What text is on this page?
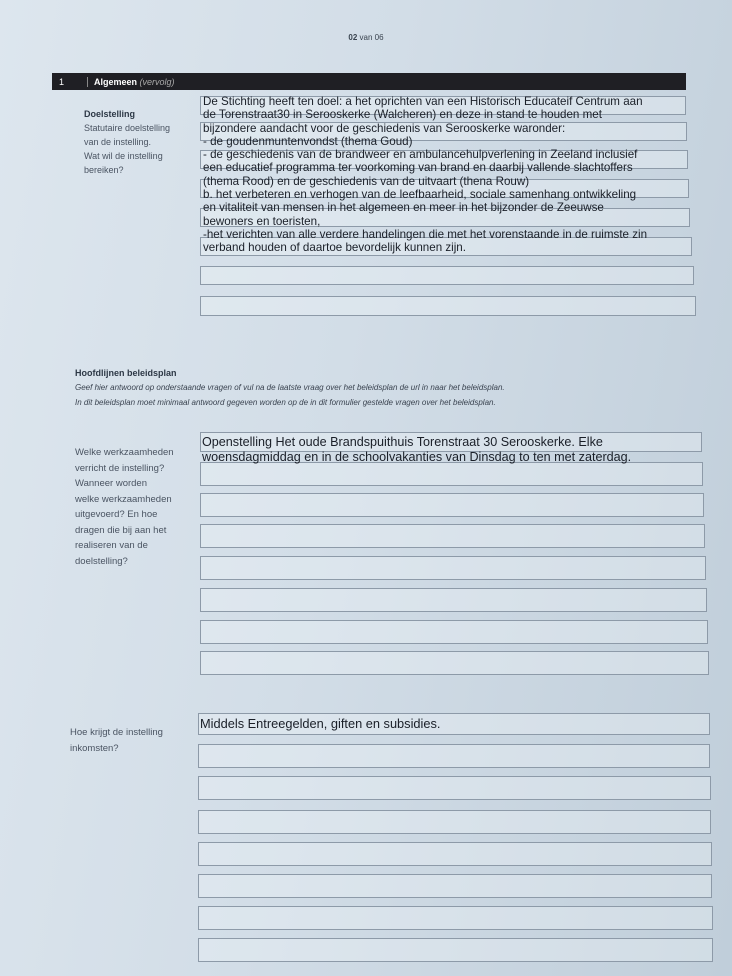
02 van 06
1	Algemeen (vervolg)
Doelstelling
Statutaire doelstelling
van de instelling.
Wat wil de instelling
bereiken?
De Stichting heeft ten doel: a het oprichten van een Historisch Educateif Centrum aan
de Torenstraat30 in Serooskerke (Walcheren) en deze in stand te houden met
bijzondere aandacht voor de geschiedenis van Serooskerke waronder:
- de goudenmuntenvondst (thema Goud)
- de geschiedenis van de brandweer en ambulancehulpverlening in Zeeland inclusief
een educatief programma ter voorkoming van brand en daarbij vallende slachtoffers
(thema Rood) en de geschiedenis van de uitvaart (thena Rouw)
b. het verbeteren en verhogen van de leefbaarheid, sociale samenhang ontwikkeling
en vitaliteit van mensen in het algemeen en meer in het bijzonder de Zeeuwse
bewoners en toeristen,
-het verichten van alle verdere handelingen die met het vorenstaande in de ruimste zin
verband houden of daartoe bevordelijk kunnen zijn.
Hoofdlijnen beleidsplan
Geef hier antwoord op onderstaande vragen of vul na de laatste vraag over het beleidsplan de url in naar het beleidsplan.
In dit beleidsplan moet minimaal antwoord gegeven worden op de in dit formulier gestelde vragen over het beleidsplan.
Welke werkzaamheden
verricht de instelling?
Wanneer worden
welke werkzaamheden
uitgevoerd? En hoe
dragen die bij aan het
realiseren van de
doelstelling?
Openstelling Het oude Brandspuithuis Torenstraat 30 Serooskerke. Elke
woensdagmiddag en in de schoolvakanties van Dinsdag to ten met zaterdag.
Hoe krijgt de instelling
inkomsten?
Middels Entreegelden, giften en subsidies.
